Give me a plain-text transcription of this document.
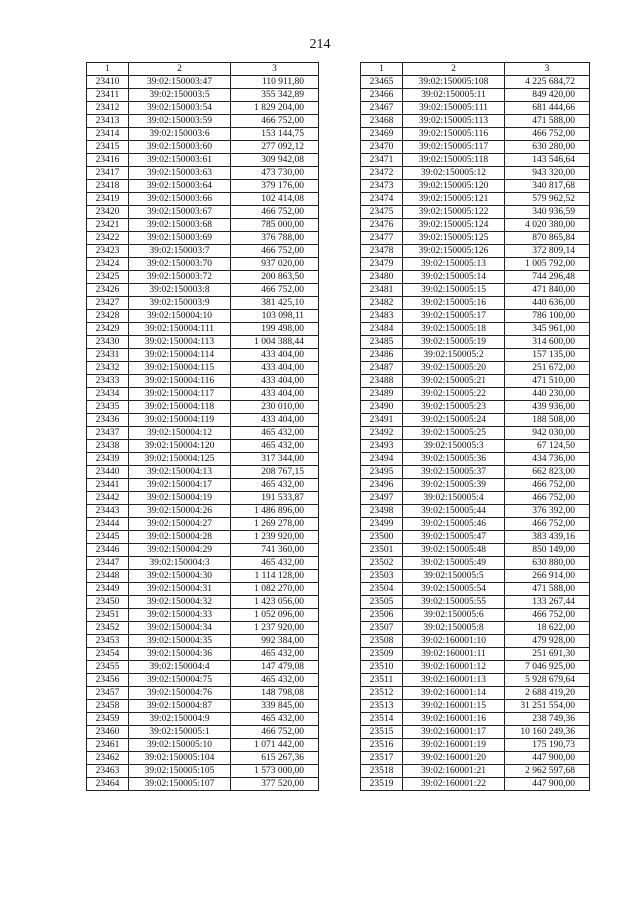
214
1	2	3
23410	39:02:150003:47	110 911,80
23411	39:02:150003:5	355 342,89
23412	39:02:150003:54	1 829 204,00
23413	39:02:150003:59	466 752,00
23414	39:02:150003:6	153 144,75
23415	39:02:150003:60	277 092,12
23416	39:02:150003:61	309 942,08
23417	39:02:150003:63	473 730,00
23418	39:02:150003:64	379 176,00
23419	39:02:150003:66	102 414,08
23420	39:02:150003:67	466 752,00
23421	39:02:150003:68	785 000,00
23422	39:02:150003:69	376 788,00
23423	39:02:150003:7	466 752,00
23424	39:02:150003:70	937 020,00
23425	39:02:150003:72	200 863,50
23426	39:02:150003:8	466 752,00
23427	39:02:150003:9	381 425,10
23428	39:02:150004:10	103 098,11
23429	39:02:150004:111	199 498,00
23430	39:02:150004:113	1 004 388,44
23431	39:02:150004:114	433 404,00
23432	39:02:150004:115	433 404,00
23433	39:02:150004:116	433 404,00
23434	39:02:150004:117	433 404,00
23435	39:02:150004:118	230 010,00
23436	39:02:150004:119	433 404,00
23437	39:02:150004:12	465 432,00
23438	39:02:150004:120	465 432,00
23439	39:02:150004:125	317 344,00
23440	39:02:150004:13	208 767,15
23441	39:02:150004:17	465 432,00
23442	39:02:150004:19	191 533,87
23443	39:02:150004:26	1 486 896,00
23444	39:02:150004:27	1 269 278,00
23445	39:02:150004:28	1 239 920,00
23446	39:02:150004:29	741 360,00
23447	39:02:150004:3	465 432,00
23448	39:02:150004:30	1 114 128,00
23449	39:02:150004:31	1 082 270,00
23450	39:02:150004:32	1 423 056,00
23451	39:02:150004:33	1 052 096,00
23452	39:02:150004:34	1 237 920,00
23453	39:02:150004:35	992 384,00
23454	39:02:150004:36	465 432,00
23455	39:02:150004:4	147 479,08
23456	39:02:150004:75	465 432,00
23457	39:02:150004:76	148 798,08
23458	39:02:150004:87	339 845,00
23459	39:02:150004:9	465 432,00
23460	39:02:150005:1	466 752,00
23461	39:02:150005:10	1 071 442,00
23462	39:02:150005:104	615 267,36
23463	39:02:150005:105	1 573 000,00
23464	39:02:150005:107	377 520,00
1	2	3
23465	39:02:150005:108	4 225 684,72
23466	39:02:150005:11	849 420,00
23467	39:02:150005:111	681 444,66
23468	39:02:150005:113	471 588,00
23469	39:02:150005:116	466 752,00
23470	39:02:150005:117	630 280,00
23471	39:02:150005:118	143 546,64
23472	39:02:150005:12	943 320,00
23473	39:02:150005:120	340 817,68
23474	39:02:150005:121	579 962,52
23475	39:02:150005:122	340 936,59
23476	39:02:150005:124	4 020 380,00
23477	39:02:150005:125	870 865,84
23478	39:02:150005:126	372 809,14
23479	39:02:150005:13	1 005 792,00
23480	39:02:150005:14	744 296,48
23481	39:02:150005:15	471 840,00
23482	39:02:150005:16	440 636,00
23483	39:02:150005:17	786 100,00
23484	39:02:150005:18	345 961,00
23485	39:02:150005:19	314 600,00
23486	39:02:150005:2	157 135,00
23487	39:02:150005:20	251 672,00
23488	39:02:150005:21	471 510,00
23489	39:02:150005:22	440 230,00
23490	39:02:150005:23	439 936,00
23491	39:02:150005:24	188 508,00
23492	39:02:150005:25	942 030,00
23493	39:02:150005:3	67 124,50
23494	39:02:150005:36	434 736,00
23495	39:02:150005:37	662 823,00
23496	39:02:150005:39	466 752,00
23497	39:02:150005:4	466 752,00
23498	39:02:150005:44	376 392,00
23499	39:02:150005:46	466 752,00
23500	39:02:150005:47	383 439,16
23501	39:02:150005:48	850 149,00
23502	39:02:150005:49	630 880,00
23503	39:02:150005:5	266 914,00
23504	39:02:150005:54	471 588,00
23505	39:02:150005:55	133 267,44
23506	39:02:150005:6	466 752,00
23507	39:02:150005:8	18 622,00
23508	39:02:160001:10	479 928,00
23509	39:02:160001:11	251 691,30
23510	39:02:160001:12	7 046 925,00
23511	39:02:160001:13	5 928 679,64
23512	39:02:160001:14	2 688 419,20
23513	39:02:160001:15	31 251 554,00
23514	39:02:160001:16	238 749,36
23515	39:02:160001:17	10 160 249,36
23516	39:02:160001:19	175 190,73
23517	39:02:160001:20	447 900,00
23518	39:02:160001:21	2 962 597,68
23519	39:02:160001:22	447 900,00
